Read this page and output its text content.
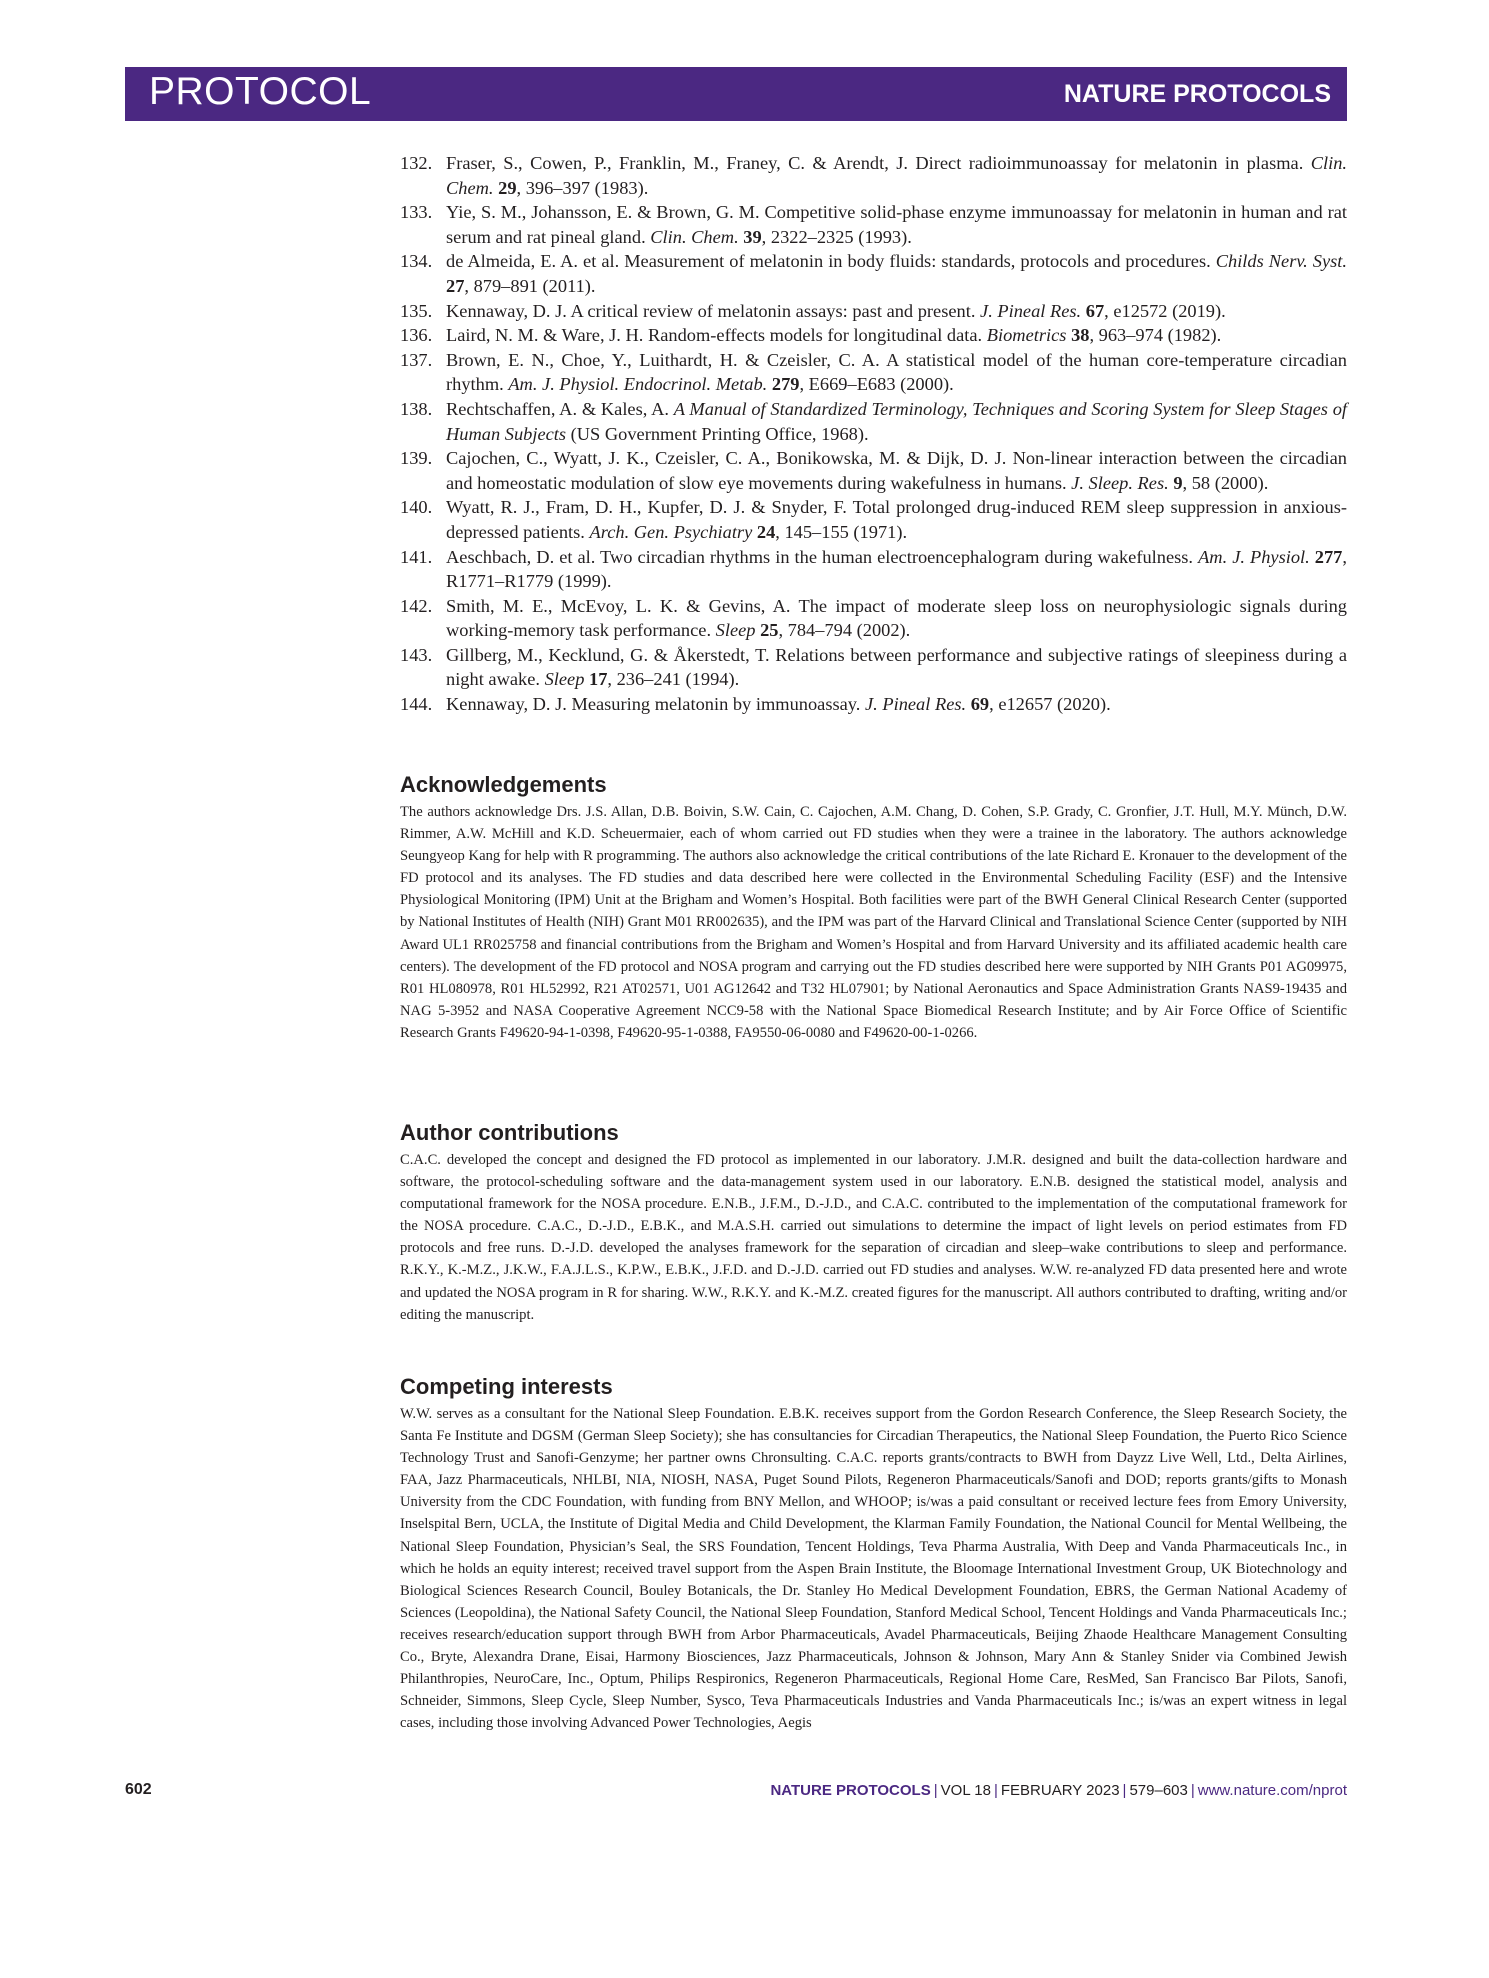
PROTOCOL	NATURE PROTOCOLS
132. Fraser, S., Cowen, P., Franklin, M., Franey, C. & Arendt, J. Direct radioimmunoassay for melatonin in plasma. Clin. Chem. 29, 396–397 (1983).
133. Yie, S. M., Johansson, E. & Brown, G. M. Competitive solid-phase enzyme immunoassay for melatonin in human and rat serum and rat pineal gland. Clin. Chem. 39, 2322–2325 (1993).
134. de Almeida, E. A. et al. Measurement of melatonin in body fluids: standards, protocols and procedures. Childs Nerv. Syst. 27, 879–891 (2011).
135. Kennaway, D. J. A critical review of melatonin assays: past and present. J. Pineal Res. 67, e12572 (2019).
136. Laird, N. M. & Ware, J. H. Random-effects models for longitudinal data. Biometrics 38, 963–974 (1982).
137. Brown, E. N., Choe, Y., Luithardt, H. & Czeisler, C. A. A statistical model of the human core-temperature circadian rhythm. Am. J. Physiol. Endocrinol. Metab. 279, E669–E683 (2000).
138. Rechtschaffen, A. & Kales, A. A Manual of Standardized Terminology, Techniques and Scoring System for Sleep Stages of Human Subjects (US Government Printing Office, 1968).
139. Cajochen, C., Wyatt, J. K., Czeisler, C. A., Bonikowska, M. & Dijk, D. J. Non-linear interaction between the circadian and homeostatic modulation of slow eye movements during wakefulness in humans. J. Sleep. Res. 9, 58 (2000).
140. Wyatt, R. J., Fram, D. H., Kupfer, D. J. & Snyder, F. Total prolonged drug-induced REM sleep suppression in anxious- depressed patients. Arch. Gen. Psychiatry 24, 145–155 (1971).
141. Aeschbach, D. et al. Two circadian rhythms in the human electroencephalogram during wakefulness. Am. J. Physiol. 277, R1771–R1779 (1999).
142. Smith, M. E., McEvoy, L. K. & Gevins, A. The impact of moderate sleep loss on neurophysiologic signals during working-memory task performance. Sleep 25, 784–794 (2002).
143. Gillberg, M., Kecklund, G. & Åkerstedt, T. Relations between performance and subjective ratings of sleepiness during a night awake. Sleep 17, 236–241 (1994).
144. Kennaway, D. J. Measuring melatonin by immunoassay. J. Pineal Res. 69, e12657 (2020).
Acknowledgements

The authors acknowledge Drs. J.S. Allan, D.B. Boivin, S.W. Cain, C. Cajochen, A.M. Chang, D. Cohen, S.P. Grady, C. Gronfier, J.T. Hull, M.Y. Münch, D.W. Rimmer, A.W. McHill and K.D. Scheuermaier, each of whom carried out FD studies when they were a trainee in the laboratory. The authors acknowledge Seungyeop Kang for help with R programming. The authors also acknowledge the critical contributions of the late Richard E. Kronauer to the development of the FD protocol and its analyses. The FD studies and data described here were collected in the Environmental Scheduling Facility (ESF) and the Intensive Physiological Monitoring (IPM) Unit at the Brigham and Women’s Hospital. Both facilities were part of the BWH General Clinical Research Center (supported by National Institutes of Health (NIH) Grant M01 RR002635), and the IPM was part of the Harvard Clinical and Translational Science Center (supported by NIH Award UL1 RR025758 and financial contributions from the Brigham and Women’s Hospital and from Harvard University and its affiliated academic health care centers). The development of the FD protocol and NOSA program and carrying out the FD studies described here were supported by NIH Grants P01 AG09975, R01 HL080978, R01 HL52992, R21 AT02571, U01 AG12642 and T32 HL07901; by National Aeronautics and Space Administration Grants NAS9-19435 and NAG 5-3952 and NASA Cooperative Agreement NCC9-58 with the National Space Biomedical Research Institute; and by Air Force Office of Scientific Research Grants F49620-94-1-0398, F49620-95-1-0388, FA9550-06-0080 and F49620-00-1-0266.

Author contributions

C.A.C. developed the concept and designed the FD protocol as implemented in our laboratory. J.M.R. designed and built the data-collection hardware and software, the protocol-scheduling software and the data-management system used in our laboratory. E.N.B. designed the statistical model, analysis and computational framework for the NOSA procedure. E.N.B., J.F.M., D.-J.D., and C.A.C. contributed to the implementation of the computational framework for the NOSA procedure. C.A.C., D.-J.D., E.B.K., and M.A.S.H. carried out simulations to determine the impact of light levels on period estimates from FD protocols and free runs. D.-J.D. developed the analyses framework for the separation of circadian and sleep–wake contributions to sleep and performance. R.K.Y., K.-M.Z., J.K.W., F.A.J.L.S., K.P.W., E.B.K., J.F.D. and D.-J.D. carried out FD studies and analyses. W.W. re-analyzed FD data presented here and wrote and updated the NOSA program in R for sharing. W.W., R.K.Y. and K.-M.Z. created figures for the manuscript. All authors contributed to drafting, writing and/or editing the manuscript.

Competing interests

W.W. serves as a consultant for the National Sleep Foundation. E.B.K. receives support from the Gordon Research Conference, the Sleep Research Society, the Santa Fe Institute and DGSM (German Sleep Society); she has consultancies for Circadian Therapeutics, the National Sleep Foundation, the Puerto Rico Science Technology Trust and Sanofi-Genzyme; her partner owns Chronsulting. C.A.C. reports grants/contracts to BWH from Dayzz Live Well, Ltd., Delta Airlines, FAA, Jazz Pharmaceuticals, NHLBI, NIA, NIOSH, NASA, Puget Sound Pilots, Regeneron Pharmaceuticals/Sanofi and DOD; reports grants/gifts to Monash University from the CDC Foundation, with funding from BNY Mellon, and WHOOP; is/was a paid consultant or received lecture fees from Emory University, Inselspital Bern, UCLA, the Institute of Digital Media and Child Development, the Klarman Family Foundation, the National Council for Mental Wellbeing, the National Sleep Foundation, Physician’s Seal, the SRS Foundation, Tencent Holdings, Teva Pharma Australia, With Deep and Vanda Pharmaceuticals Inc., in which he holds an equity interest; received travel support from the Aspen Brain Institute, the Bloomage International Investment Group, UK Biotechnology and Biological Sciences Research Council, Bouley Botanicals, the Dr. Stanley Ho Medical Development Foundation, EBRS, the German National Academy of Sciences (Leopoldina), the National Safety Council, the National Sleep Foundation, Stanford Medical School, Tencent Holdings and Vanda Pharmaceuticals Inc.; receives research/education support through BWH from Arbor Pharmaceuticals, Avadel Pharmaceuticals, Beijing Zhaode Healthcare Management Consulting Co., Bryte, Alexandra Drane, Eisai, Harmony Biosciences, Jazz Pharmaceuticals, Johnson & Johnson, Mary Ann & Stanley Snider via Combined Jewish Philanthropies, NeuroCare, Inc., Optum, Philips Respironics, Regeneron Pharmaceuticals, Regional Home Care, ResMed, San Francisco Bar Pilots, Sanofi, Schneider, Simmons, Sleep Cycle, Sleep Number, Sysco, Teva Pharmaceuticals Industries and Vanda Pharmaceuticals Inc.; is/was an expert witness in legal cases, including those involving Advanced Power Technologies, Aegis

602	NATURE PROTOCOLS | VOL 18 | FEBRUARY 2023 | 579–603 | www.nature.com/nprot
